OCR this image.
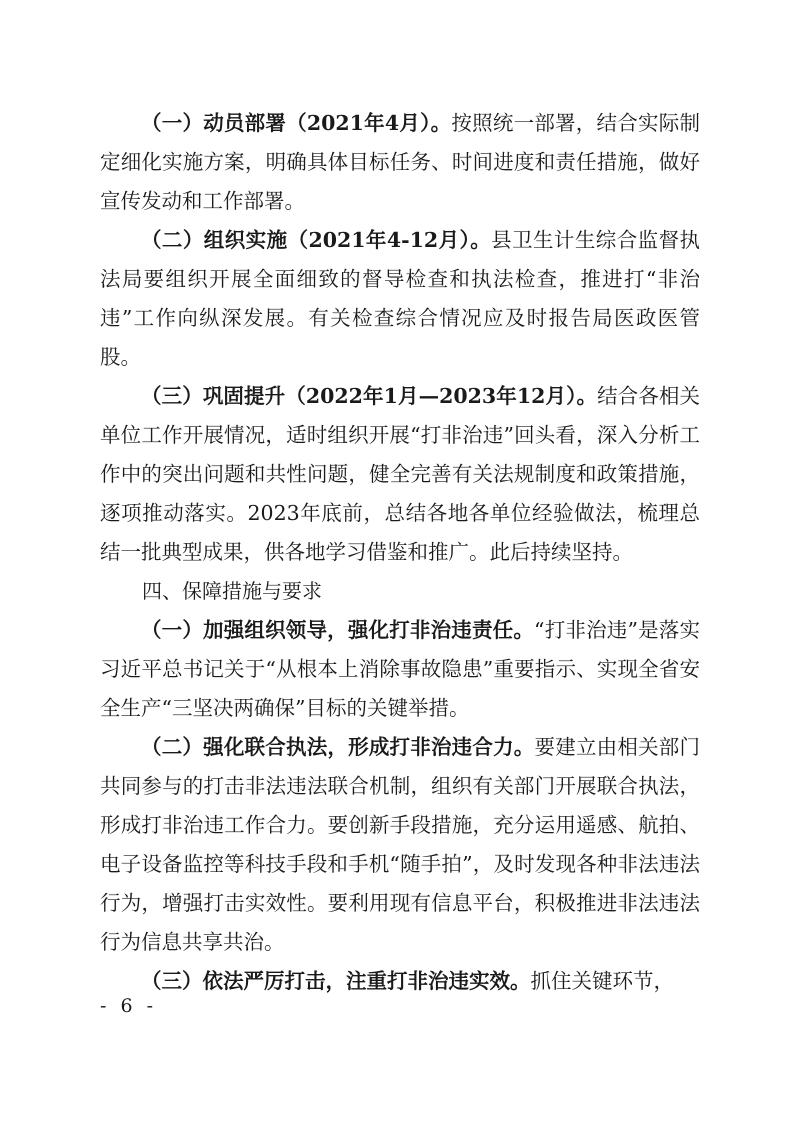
（一）动员部署（2021年4月）。按照统一部署，结合实际制定细化实施方案，明确具体目标任务、时间进度和责任措施，做好宣传发动和工作部署。

（二）组织实施（2021年4-12月）。县卫生计生综合监督执法局要组织开展全面细致的督导检查和执法检查，推进打“非治违”工作向纵深发展。有关检查综合情况应及时报告局医政医管股。

（三）巩固提升（2022年1月—2023年12月）。结合各相关单位工作开展情况，适时组织开展“打非治违”回头看，深入分析工作中的突出问题和共性问题，健全完善有关法规制度和政策措施，逐项推动落实。2023年底前，总结各地各单位经验做法，梳理总结一批典型成果，供各地学习借鉴和推广。此后持续坚持。

四、保障措施与要求

（一）加强组织领导，强化打非治违责任。“打非治违”是落实习近平总书记关于“从根本上消除事故隐患”重要指示、实现全省安全生产“三坚决两确保”目标的关键举措。

（二）强化联合执法，形成打非治违合力。要建立由相关部门共同参与的打击非法违法联合机制，组织有关部门开展联合执法，形成打非治违工作合力。要创新手段措施，充分运用遥感、航拍、电子设备监控等科技手段和手机“随手拍”，及时发现各种非法违法行为，增强打击实效性。要利用现有信息平台，积极推进非法违法行为信息共享共治。

（三）依法严厉打击，注重打非治违实效。抓住关键环节，

- 6 -
